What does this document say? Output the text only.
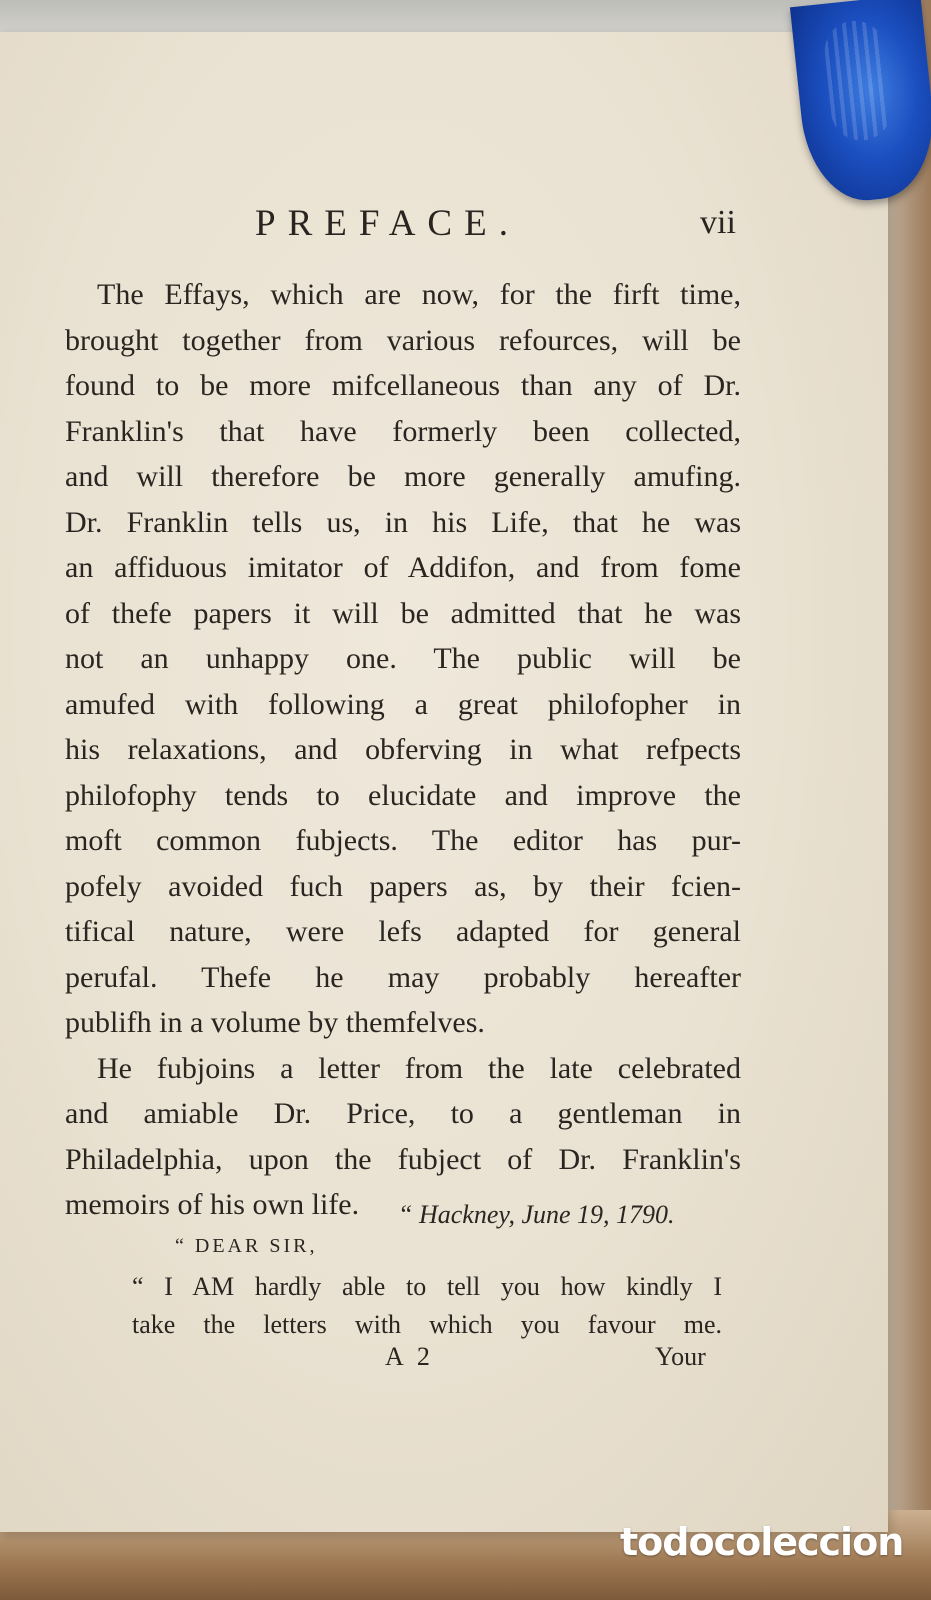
PREFACE.	vii
The Effays, which are now, for the firft time,
brought together from various refources, will be
found to be more mifcellaneous than any of Dr.
Franklin's that have formerly been collected,
and will therefore be more generally amufing.
Dr. Franklin tells us, in his Life, that he was
an affiduous imitator of Addifon, and from fome
of thefe papers it will be admitted that he was
not an unhappy one. The public will be
amufed with following a great philofopher in
his relaxations, and obferving in what refpects
philofophy tends to elucidate and improve the
moft common fubjects. The editor has pur-
pofely avoided fuch papers as, by their fcien-
tifical nature, were lefs adapted for general
perufal. Thefe he may probably hereafter
publifh in a volume by themfelves.
He fubjoins a letter from the late celebrated
and amiable Dr. Price, to a gentleman in
Philadelphia, upon the fubject of Dr. Franklin's
memoirs of his own life.	“ Hackney, June 19, 1790.
“ DEAR SIR,
“ I AM hardly able to tell you how kindly I
take the letters with which you favour me.
A 2	Your
todocoleccion
